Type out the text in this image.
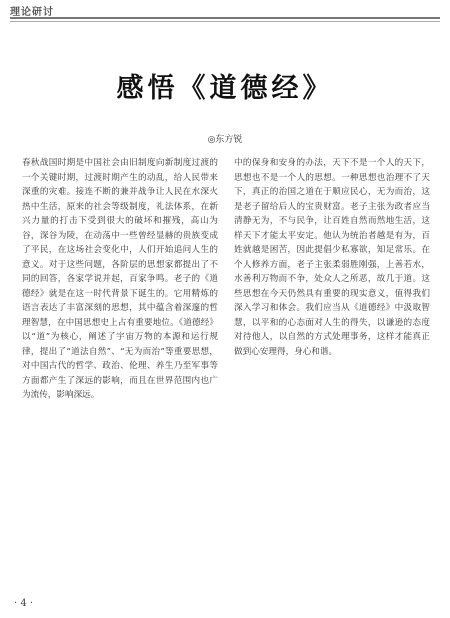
理论研讨
感悟《道德经》
◎东方锐

春秋战国时期是中国社会由旧制度向新制度过渡的一个关键时期，过渡时期产生的动乱，给人民带来深重的灾难。接连不断的兼并战争让人民在水深火热中生活，原来的社会等级制度，礼法体系，在新兴力量的打击下受到很大的破坏和摧残，高山为谷，深谷为陵，在动荡中一些曾经显赫的贵族变成了平民，在这场社会变化中，人们开始追问人生的意义。对于这些问题，各阶层的思想家都提出了不同的回答，各家学说并起，百家争鸣。老子的《道德经》就是在这一时代背景下诞生的。它用精炼的语言表达了丰富深刻的思想，其中蕴含着深邃的哲理智慧，在中国思想史上占有重要地位。《道德经》以“道”为核心，阐述了宇宙万物的本源和运行规律，提出了“道法自然”、“无为而治”等重要思想，对中国古代的哲学、政治、伦理、养生乃至军事等方面都产生了深远的影响，而且在世界范围内也广为流传，影响深远。

中的保身和安身的办法，天下不是一个人的天下，思想也不是一个人的思想。一种思想也治理不了天下，真正的治国之道在于顺应民心，无为而治，这是老子留给后人的宝贵财富。老子主张为政者应当清静无为，不与民争，让百姓自然而然地生活，这样天下才能太平安定。他认为统治者越是有为，百姓就越是困苦，因此提倡少私寡欲，知足常乐。在个人修养方面，老子主张柔弱胜刚强，上善若水，水善利万物而不争，处众人之所恶，故几于道。这些思想在今天仍然具有重要的现实意义，值得我们深入学习和体会。我们应当从《道德经》中汲取智慧，以平和的心态面对人生的得失，以谦逊的态度对待他人，以自然的方式处理事务，这样才能真正做到心安理得，身心和谐。

· 4 ·
